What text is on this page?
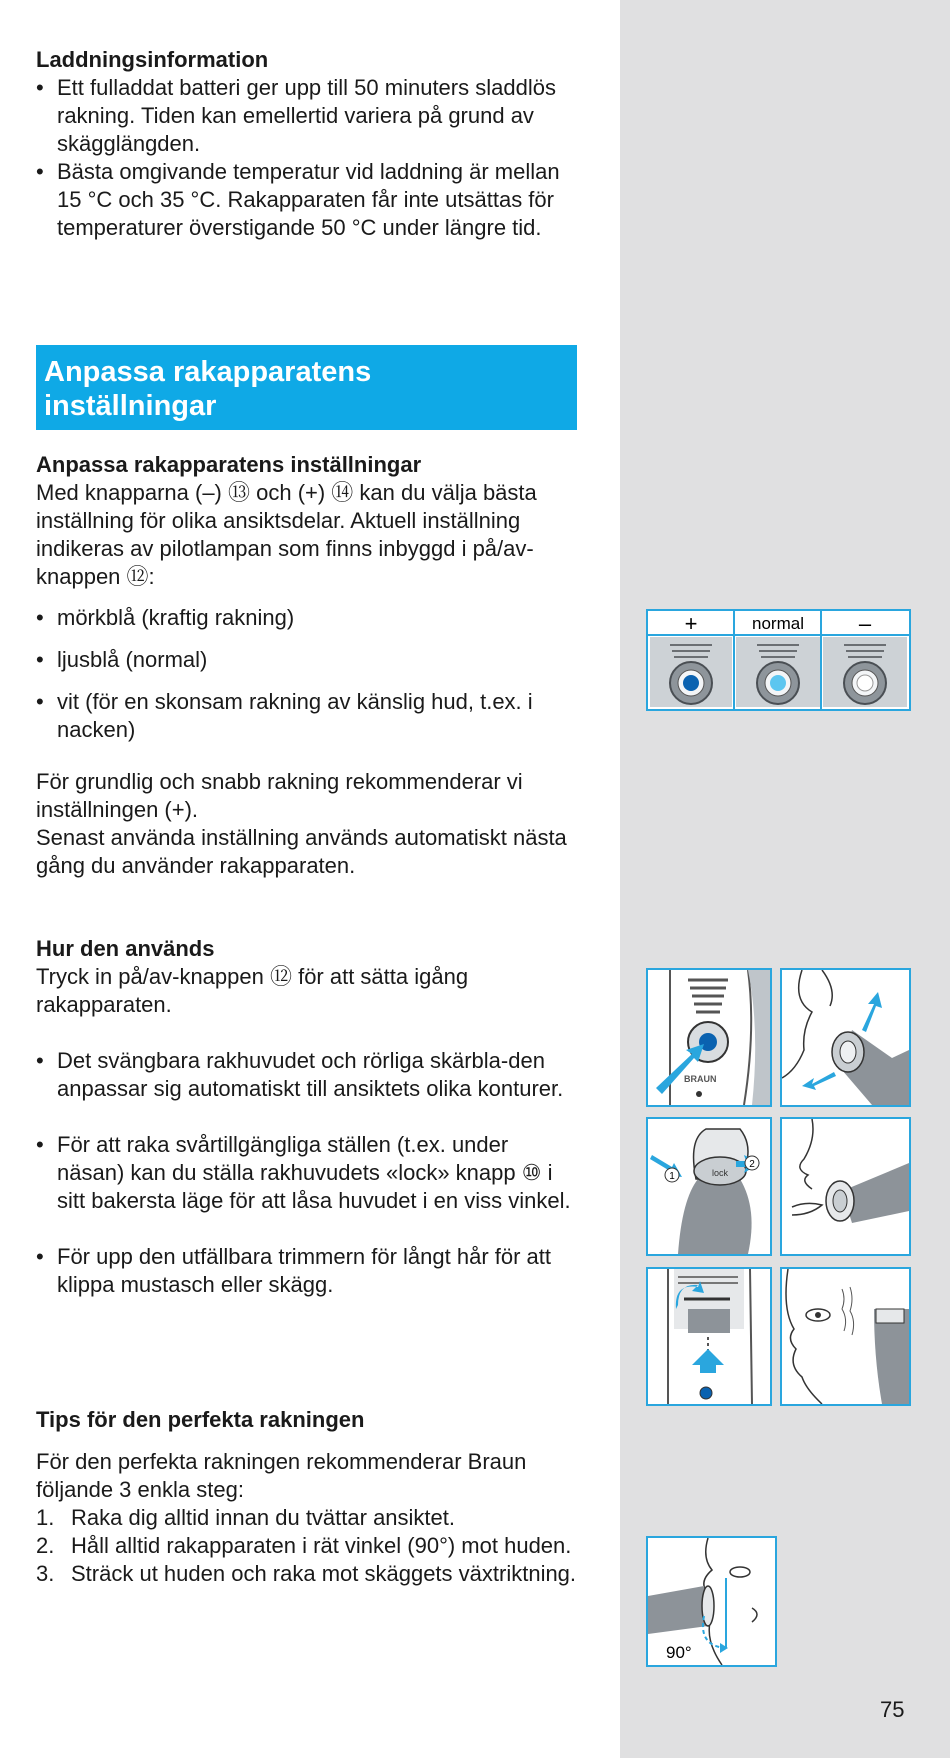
Laddningsinformation
• Ett fulladdat batteri ger upp till 50 minuters sladdlös rakning. Tiden kan emellertid variera på grund av skägglängden.
• Bästa omgivande temperatur vid laddning är mellan 15 °C och 35 °C. Rakapparaten får inte utsättas för temperaturer överstigande 50 °C under längre tid.
Anpassa rakapparatens
inställningar
Anpassa rakapparatens inställningar

Med knapparna (–) ⑬ och (+) ⑭ kan du välja bästa inställning för olika ansiktsdelar. Aktuell inställning indikeras av pilotlampan som finns inbyggd i på/av-knappen ⑫:

• mörkblå (kraftig rakning)
• ljusblå (normal)
• vit (för en skonsam rakning av känslig hud, t.ex. i nacken)

För grundlig och snabb rakning rekommenderar vi inställningen (+).

Senast använda inställning används automatiskt nästa gång du använder rakapparaten.

Hur den används

Tryck in på/av-knappen ⑫ för att sätta igång rakapparaten.

• Det svängbara rakhuvudet och rörliga skärbla-den anpassar sig automatiskt till ansiktets olika konturer.
• För att raka svårtillgängliga ställen (t.ex. under näsan) kan du ställa rakhuvudets «lock» knapp ⑩ i sitt bakersta läge för att låsa huvudet i en viss vinkel.
• För upp den utfällbara trimmern för långt hår för att klippa mustasch eller skägg.
Tips för den perfekta rakningen

För den perfekta rakningen rekommenderar Braun följande 3 enkla steg:

1. Raka dig alltid innan du tvättar ansiktet.
2. Håll alltid rakapparaten i rät vinkel (90°) mot huden.
3. Sträck ut huden och raka mot skäggets växtriktning.
+	normal –
BRAUN
lock
1
2
90°
75
